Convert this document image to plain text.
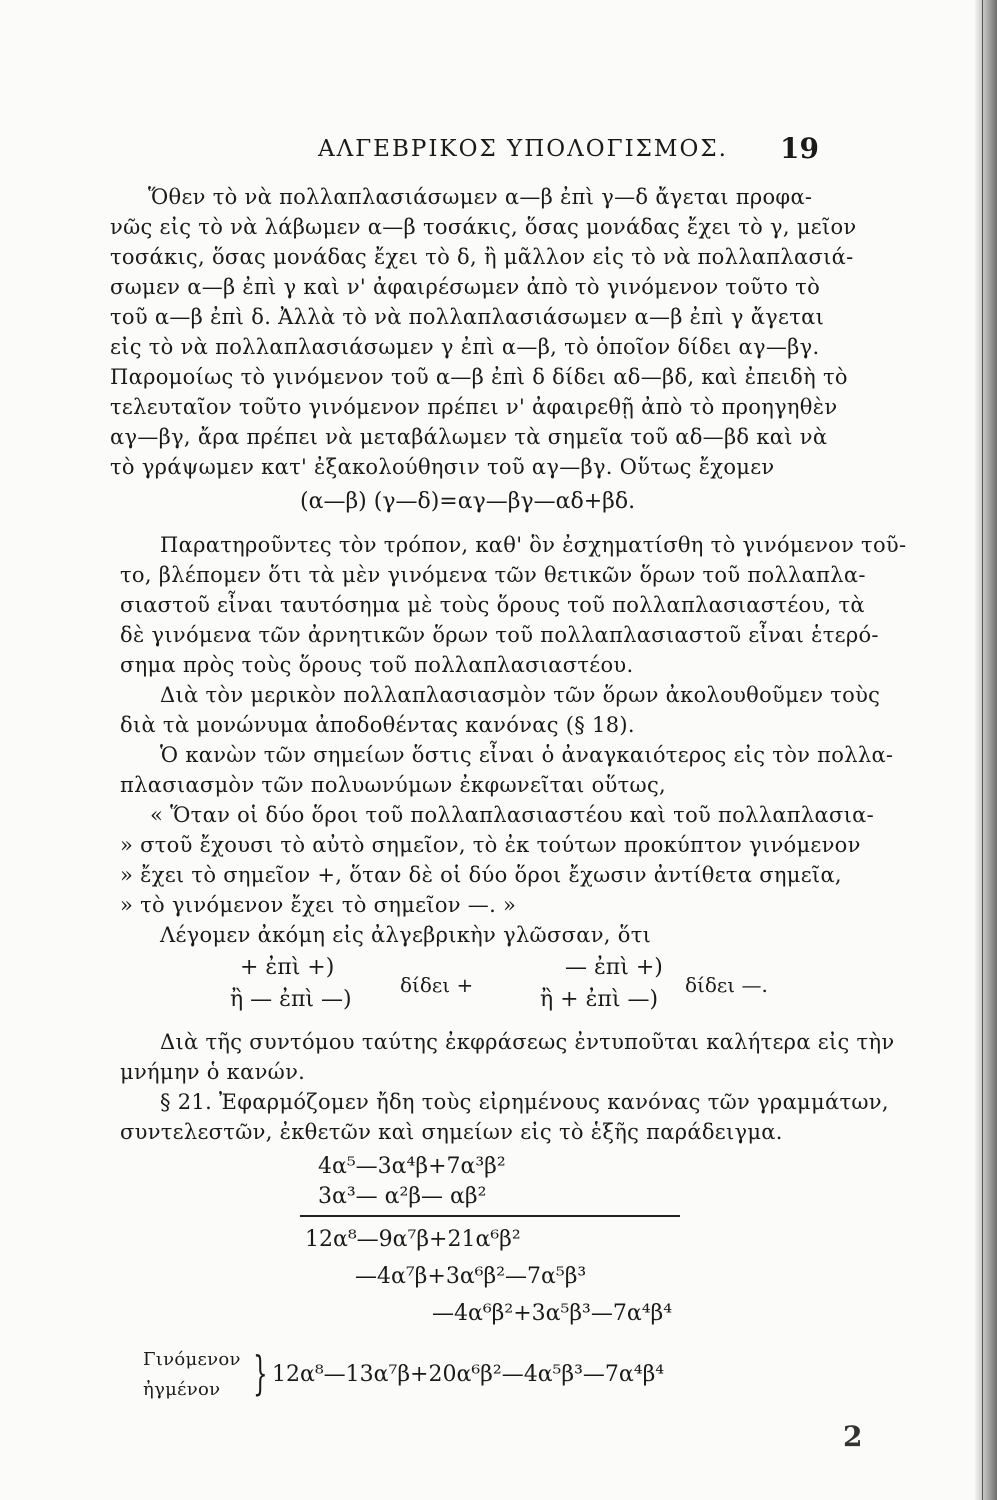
ΑΛΓΕΒΡΙΚΟΣ ΥΠΟΛΟΓΙΣΜΟΣ. 19
Ὅθεν τὸ νὰ πολλαπλασιάσωμεν α—β ἐπὶ γ—δ ἄγεται προφα-
νῶς εἰς τὸ νὰ λάβωμεν α—β τοσάκις, ὅσας μονάδας ἔχει τὸ γ, μεῖον
τοσάκις, ὅσας μονάδας ἔχει τὸ δ, ἢ μᾶλλον εἰς τὸ νὰ πολλαπλασιά-
σωμεν α—β ἐπὶ γ καὶ ν' ἀφαιρέσωμεν ἀπὸ τὸ γινόμενον τοῦτο τὸ
τοῦ α—β ἐπὶ δ. Ἀλλὰ τὸ νὰ πολλαπλασιάσωμεν α—β ἐπὶ γ ἄγεται
εἰς τὸ νὰ πολλαπλασιάσωμεν γ ἐπὶ α—β, τὸ ὁποῖον δίδει αγ—βγ.
Παρομοίως τὸ γινόμενον τοῦ α—β ἐπὶ δ δίδει αδ—βδ, καὶ ἐπειδὴ τὸ
τελευταῖον τοῦτο γινόμενον πρέπει ν' ἀφαιρεθῇ ἀπὸ τὸ προηγηθὲν
αγ—βγ, ἄρα πρέπει νὰ μεταβάλωμεν τὰ σημεῖα τοῦ αδ—βδ καὶ νὰ
τὸ γράψωμεν κατ' ἐξακολούθησιν τοῦ αγ—βγ. Οὕτως ἔχομεν
(α—β) (γ—δ)=αγ—βγ—αδ+βδ.
Παρατηροῦντες τὸν τρόπον, καθ' ὃν ἐσχηματίσθη τὸ γινόμενον τοῦ-
το, βλέπομεν ὅτι τὰ μὲν γινόμενα τῶν θετικῶν ὅρων τοῦ πολλαπλα-
σιαστοῦ εἶναι ταυτόσημα μὲ τοὺς ὅρους τοῦ πολλαπλασιαστέου, τὰ
δὲ γινόμενα τῶν ἀρνητικῶν ὅρων τοῦ πολλαπλασιαστοῦ εἶναι ἑτερό-
σημα πρὸς τοὺς ὅρους τοῦ πολλαπλασιαστέου.
Διὰ τὸν μερικὸν πολλαπλασιασμὸν τῶν ὅρων ἀκολουθοῦμεν τοὺς
διὰ τὰ μονώνυμα ἀποδοθέντας κανόνας (§ 18).
Ὁ κανὼν τῶν σημείων ὅστις εἶναι ὁ ἀναγκαιότερος εἰς τὸν πολλα-
πλασιασμὸν τῶν πολυωνύμων ἐκφωνεῖται οὕτως,
« Ὅταν οἱ δύο ὅροι τοῦ πολλαπλασιαστέου καὶ τοῦ πολλαπλασια-
» στοῦ ἔχουσι τὸ αὐτὸ σημεῖον, τὸ ἐκ τούτων προκύπτον γινόμενον
» ἔχει τὸ σημεῖον +, ὅταν δὲ οἱ δύο ὅροι ἔχωσιν ἀντίθετα σημεῖα,
» τὸ γινόμενον ἔχει τὸ σημεῖον —. »
Λέγομεν ἀκόμη εἰς ἀλγεβρικὴν γλῶσσαν, ὅτι
+ ἐπὶ +)
ἢ — ἐπὶ —)
δίδει +
— ἐπὶ +)
ἢ + ἐπὶ —)
δίδει —.
Διὰ τῆς συντόμου ταύτης ἐκφράσεως ἐντυποῦται καλήτερα εἰς τὴν
μνήμην ὁ κανών.
§ 21. Ἐφαρμόζομεν ἤδη τοὺς εἰρημένους κανόνας τῶν γραμμάτων,
συντελεστῶν, ἐκθετῶν καὶ σημείων εἰς τὸ ἑξῆς παράδειγμα.
4α⁵—3α⁴β+7α³β²
3α³— α²β— αβ²
12α⁸—9α⁷β+21α⁶β²
—4α⁷β+3α⁶β²—7α⁵β³
—4α⁶β²+3α⁵β³—7α⁴β⁴
Γινόμενον
ἠγμένον } 12α⁸—13α⁷β+20α⁶β²—4α⁵β³—7α⁴β⁴
2
